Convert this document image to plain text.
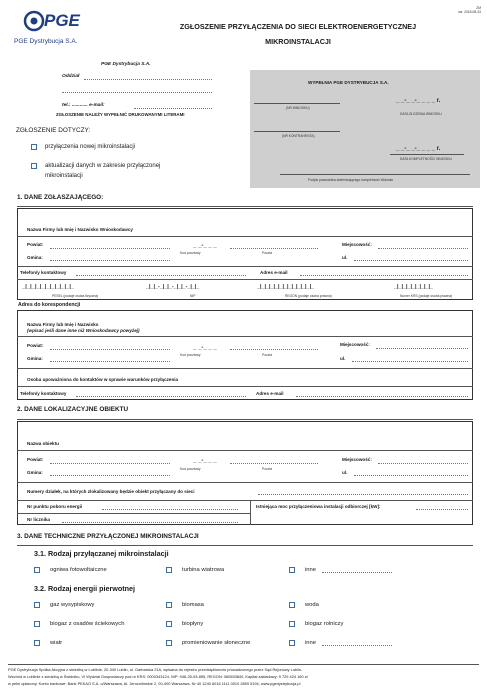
PGE
PGE Dystrybucja S.A.
ZM
ws. 2018-08-24
ZGŁOSZENIE PRZYŁĄCZENIA DO SIECI ELEKTROENERGETYCZNEJ
MIKROINSTALACJI
PGE Dystrybucja S.A.
Oddział
tel.: ............ e-mail:
ZGŁOSZENIE NALEŻY WYPEŁNIĆ DRUKOWANYMI LITERAMI
WYPEŁNIA PGE DYSTRYBUCJA S.A.
(NR WNIOSKU)
_ _-_ _-_ _ _ _ r.
DATA ZŁOŻENIA WNIOSKU
(NR KONTRAHENTA)
_ _-_ _-_ _ _ _ r.
DATA KOMPLETNOŚCI WNIOSKU
Podpis pracownika stwierdzającego kompletność Wniosku
ZGŁOSZENIE DOTYCZY:
przyłączenia nowej mikroinstalacji
aktualizacji danych w zakresie przyłączonej
mikroinstalacji
1. DANE ZGŁASZAJĄCEGO:
Nazwa Firmy lub Imię i Nazwisko Wnioskodawcy
Powiat:	_ _-_ _ _
Kod pocztowy	Poczta
Miejscowość:
Gmina:	ul.
Telefon/y kontaktowy	Adres e-mail
_|_|_|_|_|_|_|_|_|_|_	_|_|_-_|_|_-_|_|_-_|_|_	_|_|_|_|_|_|_|_|_|_|_|_|_	_|_|_|_|_|_|_|_|_
PESEL (podaje osoba fizyczna)	NIP	REGON (podaje osoba prawna)	Numer KRS (podaje osoba prawna)
Adres do korespondencji
Nazwa Firmy lub Imię i Nazwisko
(wpisać jeśli dane inne niż Wnioskodawcy powyżej)
Powiat:	_ _-_ _ _
Kod pocztowy	Poczta
Miejscowość:
Gmina:	ul.
Osoba upoważniona do kontaktów w sprawie warunków przyłączenia
Telefon/y kontaktowy	Adres e-mail
2. DANE LOKALIZACYJNE OBIEKTU
Nazwa obiektu
Powiat:	_ _-_ _ _
Kod pocztowy	Poczta
Miejscowość:
Gmina:	ul.
Numery działek, na których zlokalizowany będzie obiekt przyłączany do sieci
Nr punktu poboru energii	Istniejąca moc przyłączeniowa instalacji odbiorczej [kW]:
Nr licznika
3. DANE TECHNICZNE PRZYŁĄCZONEJ MIKROINSTALACJI
3.1. Rodzaj przyłączanej mikroinstalacji
ogniwa fotowoltaiczne	turbina wiatrowa	inne
3.2. Rodzaj energii pierwotnej
gaz wysypiskowy	biomasa	woda
biogaz z osadów ściekowych	biopłyny	biogaz rolniczy
wiatr	promieniowanie słoneczne	inne
PGE Dystrybucja Spółka Akcyjna z siedzibą w Lublinie, 20-340 Lublin, ul. Garbarska 21A, wpisana do rejestru przedsiębiorców prowadzonego przez Sąd Rejonowy Lublin-
Wschód w Lublinie z siedzibą w Świdniku, VI Wydział Gospodarczy pod nr KRS: 0000343124, NIP: 946-25-93-855, REGON: 060553840, Kapitał zakładowy: 9 729 424 160 zł
w pełni opłacony. Konto bankowe: Bank PEKAO S.A. o/Warszawa, Al. Jerozolimskie 2, 00-400 Warszawa, Nr 40 1240 6016 1111 0010 2859 5194, www.pgedystrybucja.pl
